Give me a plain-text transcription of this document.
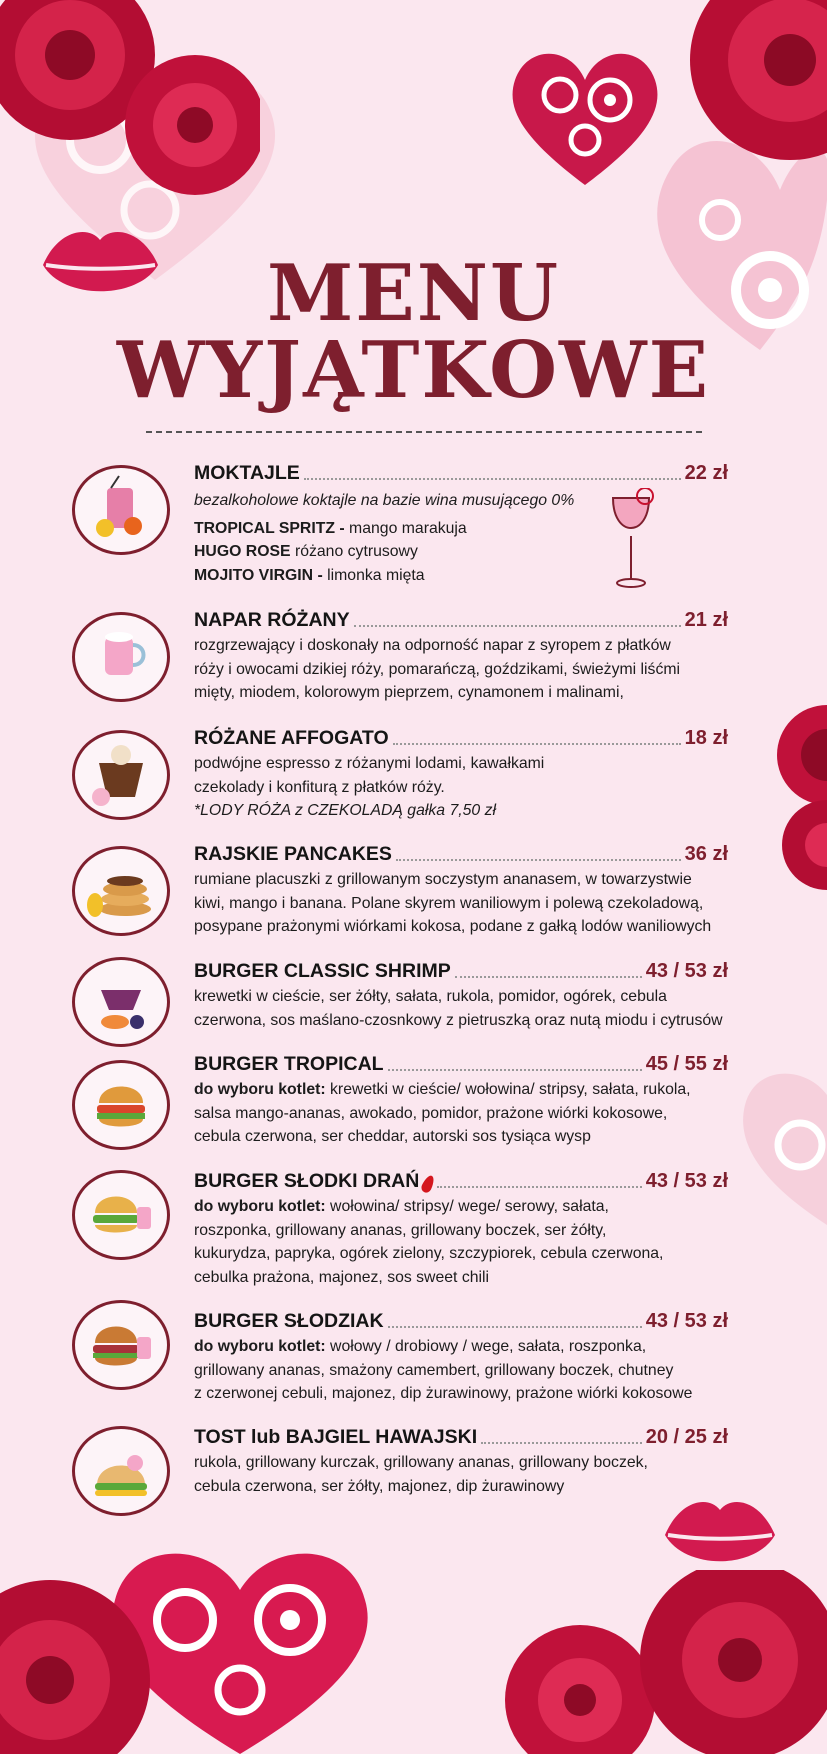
MENU
WYJĄTKOWE
MOKTAJLE	22 zł
bezalkoholowe koktajle na bazie wina musującego 0%
TROPICAL SPRITZ - mango marakuja
HUGO ROSE różano cytrusowy
MOJITO VIRGIN - limonka mięta
NAPAR RÓŻANY	21 zł
rozgrzewający i doskonały na odporność napar z syropem z płatków
róży i owocami dzikiej róży, pomarańczą, goździkami, świeżymi liśćmi
mięty, miodem, kolorowym pieprzem, cynamonem i malinami,
RÓŻANE AFFOGATO	18 zł
podwójne espresso z różanymi lodami, kawałkami
czekolady i konfiturą z płatków róży.
*LODY RÓŻA z CZEKOLADĄ gałka 7,50 zł
RAJSKIE PANCAKES	36 zł
rumiane placuszki z grillowanym soczystym ananasem, w towarzystwie
kiwi, mango i banana. Polane skyrem waniliowym i polewą czekoladową,
posypane prażonymi wiórkami kokosa, podane z gałką lodów waniliowych
BURGER CLASSIC SHRIMP	43 / 53 zł
krewetki w cieście, ser żółty, sałata, rukola, pomidor, ogórek, cebula
czerwona, sos maślano-czosnkowy z pietruszką oraz nutą miodu i cytrusów
BURGER TROPICAL	45 / 55 zł
do wyboru kotlet: krewetki w cieście/ wołowina/ stripsy, sałata, rukola,
salsa mango-ananas, awokado, pomidor, prażone wiórki kokosowe,
cebula czerwona, ser cheddar, autorski sos tysiąca wysp
BURGER SŁODKI DRAŃ	43 / 53 zł
do wyboru kotlet: wołowina/ stripsy/ wege/ serowy, sałata,
roszponka, grillowany ananas, grillowany boczek, ser żółty,
kukurydza, papryka, ogórek zielony, szczypiorek, cebula czerwona,
cebulka prażona, majonez, sos sweet chili
BURGER SŁODZIAK	43 / 53 zł
do wyboru kotlet: wołowy / drobiowy / wege, sałata, roszponka,
grillowany ananas, smażony camembert, grillowany boczek, chutney
z czerwonej cebuli, majonez, dip żurawinowy, prażone wiórki kokosowe
TOST lub BAJGIEL HAWAJSKI	20 / 25 zł
rukola, grillowany kurczak, grillowany ananas, grillowany boczek,
cebula czerwona, ser żółty, majonez, dip żurawinowy
